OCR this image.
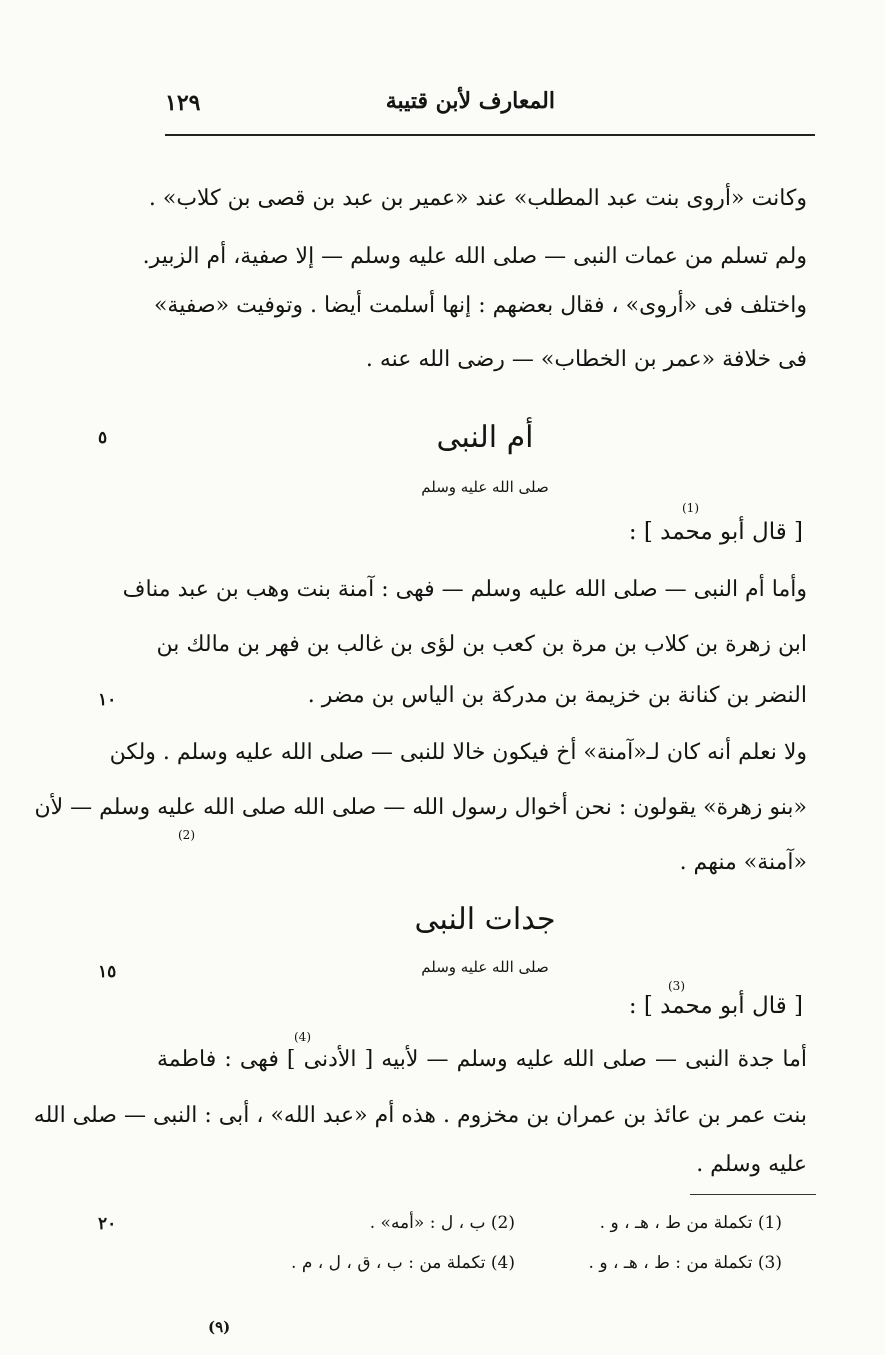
المعارف لأبن قتيبة
١٢٩
وكانت «أروى بنت عبد المطلب» عند «عمير بن عبد بن قصى بن كلاب» .
ولم تسلم من عمات النبى — صلى الله عليه وسلم — إلا صفية، أم الزبير.
واختلف فى «أروى» ، فقال بعضهم : إنها أسلمت أيضا . وتوفيت «صفية»
فى خلافة «عمر بن الخطاب» — رضى الله عنه .
٥	أم النبى
صلى الله عليه وسلم
[ قال أبو محمد ] :
(1)
وأما أم النبى — صلى الله عليه وسلم — فهى : آمنة بنت وهب بن عبد مناف
ابن زهرة بن كلاب بن مرة بن كعب بن لؤى بن غالب بن فهر بن مالك بن
١٠	النضر بن كنانة بن خزيمة بن مدركة بن الياس بن مضر .
ولا نعلم أنه كان لـ«آمنة» أخ فيكون خالا للنبى — صلى الله عليه وسلم . ولكن
«بنو زهرة» يقولون : نحن أخوال رسول الله — صلى الله صلى الله عليه وسلم — لأن
(2)
«آمنة» منهم .
جدات النبى
١٥	صلى الله عليه وسلم
[ قال أبو محمد ] :
(3)
(4)
أما جدة النبى — صلى الله عليه وسلم — لأبيه [ الأدنى ] فهى : فاطمة
بنت عمر بن عائذ بن عمران بن مخزوم . هذه أم «عبد الله» ، أبى : النبى — صلى الله
عليه وسلم .
٢٠	(1) تكملة من ط ، هـ ، و .
(2) ب ، ل : «أمه» .
(3) تكملة من : ط ، هـ ، و .
(4) تكملة من : ب ، ق ، ل ، م .
(٩)
